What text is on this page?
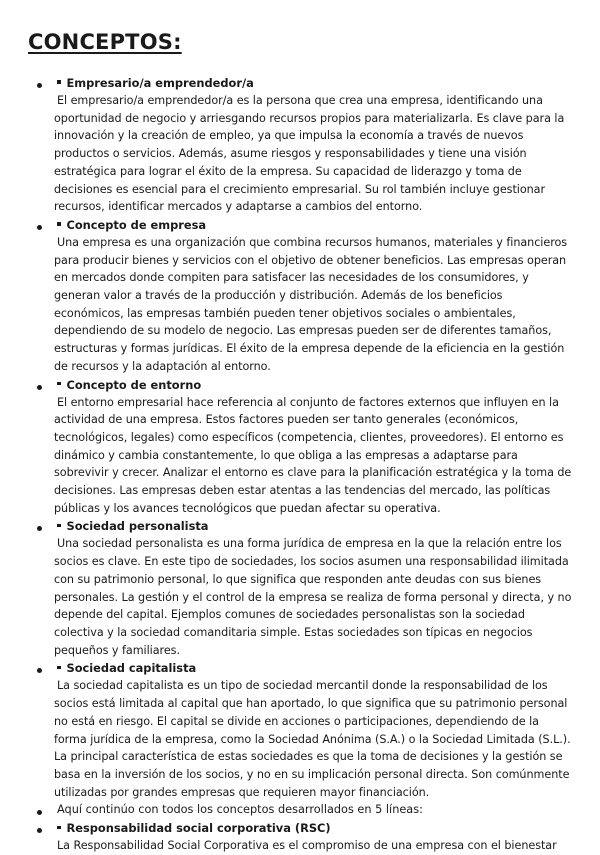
CONCEPTOS:
Empresario/a emprendedor/a

El empresario/a emprendedor/a es la persona que crea una empresa, identificando una oportunidad de negocio y arriesgando recursos propios para materializarla. Es clave para la innovación y la creación de empleo, ya que impulsa la economía a través de nuevos productos o servicios. Además, asume riesgos y responsabilidades y tiene una visión estratégica para lograr el éxito de la empresa. Su capacidad de liderazgo y toma de decisiones es esencial para el crecimiento empresarial. Su rol también incluye gestionar recursos, identificar mercados y adaptarse a cambios del entorno.

Concepto de empresa

Una empresa es una organización que combina recursos humanos, materiales y financieros para producir bienes y servicios con el objetivo de obtener beneficios. Las empresas operan en mercados donde compiten para satisfacer las necesidades de los consumidores, y generan valor a través de la producción y distribución. Además de los beneficios económicos, las empresas también pueden tener objetivos sociales o ambientales, dependiendo de su modelo de negocio. Las empresas pueden ser de diferentes tamaños, estructuras y formas jurídicas. El éxito de la empresa depende de la eficiencia en la gestión de recursos y la adaptación al entorno.

Concepto de entorno

El entorno empresarial hace referencia al conjunto de factores externos que influyen en la actividad de una empresa. Estos factores pueden ser tanto generales (económicos, tecnológicos, legales) como específicos (competencia, clientes, proveedores). El entorno es dinámico y cambia constantemente, lo que obliga a las empresas a adaptarse para sobrevivir y crecer. Analizar el entorno es clave para la planificación estratégica y la toma de decisiones. Las empresas deben estar atentas a las tendencias del mercado, las políticas públicas y los avances tecnológicos que puedan afectar su operativa.

Sociedad personalista

Una sociedad personalista es una forma jurídica de empresa en la que la relación entre los socios es clave. En este tipo de sociedades, los socios asumen una responsabilidad ilimitada con su patrimonio personal, lo que significa que responden ante deudas con sus bienes personales. La gestión y el control de la empresa se realiza de forma personal y directa, y no depende del capital. Ejemplos comunes de sociedades personalistas son la sociedad colectiva y la sociedad comanditaria simple. Estas sociedades son típicas en negocios pequeños y familiares.

Sociedad capitalista

La sociedad capitalista es un tipo de sociedad mercantil donde la responsabilidad de los socios está limitada al capital que han aportado, lo que significa que su patrimonio personal no está en riesgo. El capital se divide en acciones o participaciones, dependiendo de la forma jurídica de la empresa, como la Sociedad Anónima (S.A.) o la Sociedad Limitada (S.L.). La principal característica de estas sociedades es que la toma de decisiones y la gestión se basa en la inversión de los socios, y no en su implicación personal directa. Son comúnmente utilizadas por grandes empresas que requieren mayor financiación.

Aquí continúo con todos los conceptos desarrollados en 5 líneas:
Responsabilidad social corporativa (RSC)

La Responsabilidad Social Corporativa es el compromiso de una empresa con el bienestar
